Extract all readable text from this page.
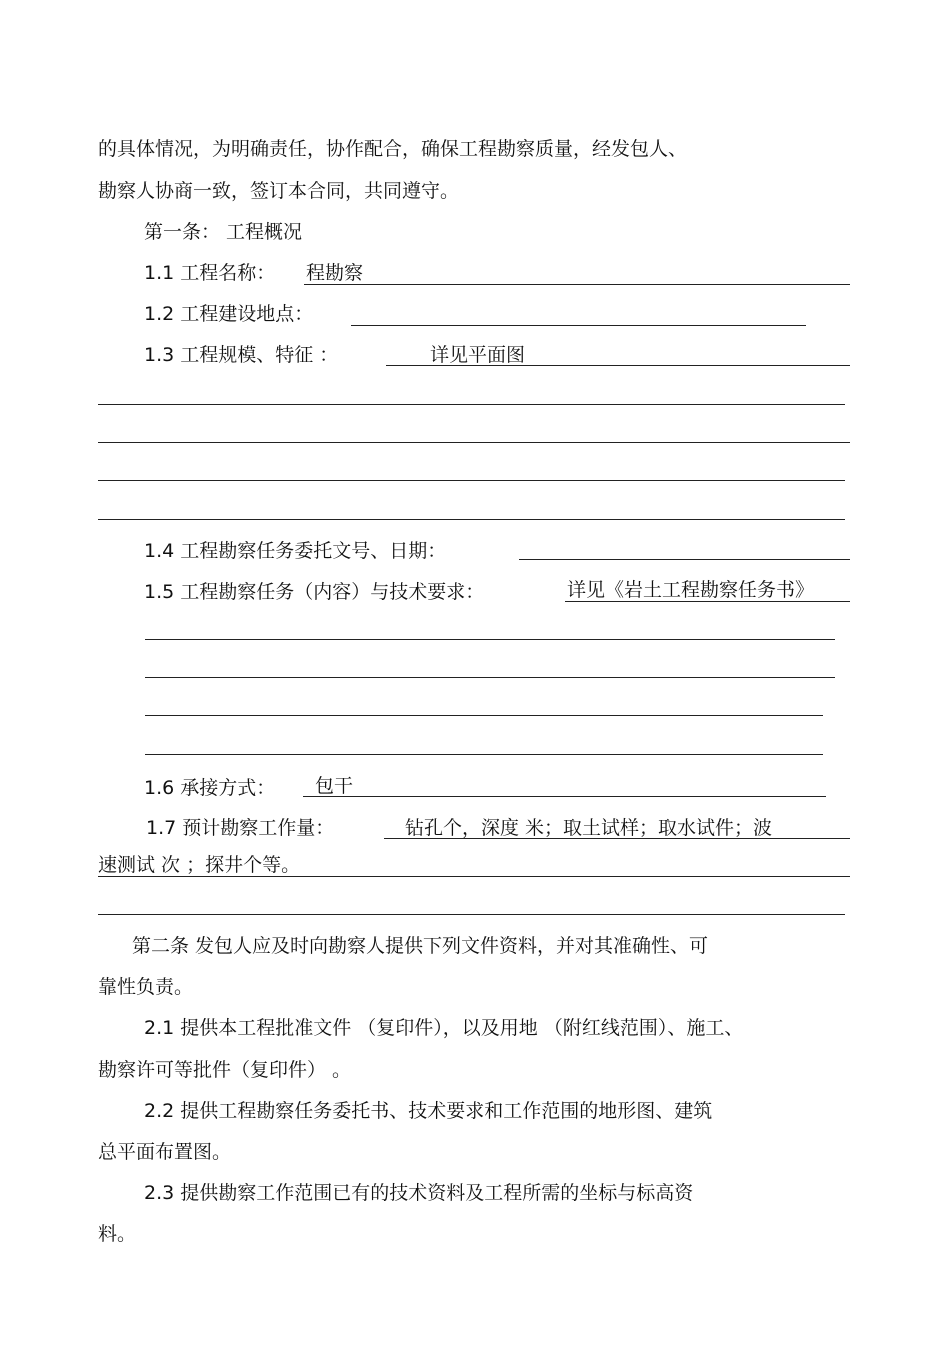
的具体情况，为明确责任，协作配合，确保工程勘察质量，经发包人、
勘察人协商一致，签订本合同，共同遵守。
第一条： 工程概况
1.1 工程名称： 程勘察
1.2 工程建设地点：
1.3 工程规模、特征 ：	详见平面图
1.4 工程勘察任务委托文号、日期：
1.5 工程勘察任务（内容）与技术要求：	详见《岩土工程勘察任务书》
1.6 承接方式： 包干
1.7 预计勘察工作量：	钻孔个，深度 米；取土试样；取水试件；波
速测试 次 ；探井个等。
第二条 发包人应及时向勘察人提供下列文件资料，并对其准确性、可
靠性负责。
2.1 提供本工程批准文件 （复印件），以及用地 （附红线范围）、施工、
勘察许可等批件（复印件） 。
2.2 提供工程勘察任务委托书、技术要求和工作范围的地形图、建筑
总平面布置图。
2.3 提供勘察工作范围已有的技术资料及工程所需的坐标与标高资
料。
